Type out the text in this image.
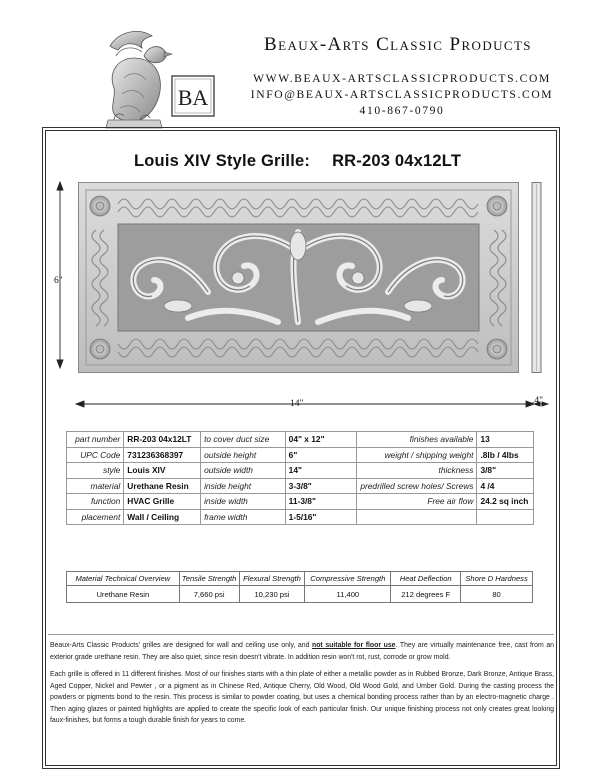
BA
Beaux-Arts Classic Products
WWW.BEAUX-ARTSCLASSICPRODUCTS.COM
INFO@BEAUX-ARTSCLASSICPRODUCTS.COM
410-867-0790
Louis XIV Style Grille: RR-203 04x12LT
6"
14"	.4"
part number	RR-203 04x12LT	to cover duct size	04" x 12"	finishes available	13
UPC Code	731236368397	outside height	6"	weight / shipping weight	.8lb / 4lbs
style	Louis XIV	outside width	14"	thickness	3/8"
material	Urethane Resin	inside height	3-3/8"	predrilled screw holes/ Screws	4 /4
function	HVAC Grille	inside width	11-3/8"	Free air flow	24.2 sq inch
placement	Wall / Ceiling	frame width	1-5/16"		
Material Technical Overview	Tensile Strength	Flexural Strength	Compressive Strength	Heat Deflection	Shore D Hardness
Urethane Resin	7,660 psi	10,230 psi	11,400	212 degrees F	80

Beaux-Arts Classic Products' grilles are designed for wall and ceiling use only, and not suitable for floor use. They are virtually maintenance free, cast from an exterior grade urethane resin. They are also quiet, since resin doesn't vibrate. In addition resin won't rot, rust, corrode or grow mold.

Each grille is offered in 11 different finishes. Most of our finishes starts with a thin plate of either a metallic powder as in Rubbed Bronze, Dark Bronze, Antique Brass, Aged Copper, Nickel and Pewter , or a pigment as in Chinese Red, Antique Cherry, Old Wood, Old Wood Gold, and Umber Gold. During the casting process the powders or pigments bond to the resin. This process is similar to powder coating, but uses a chemical bonding process rather than by an electro-magnetic charge . Then aging glazes or painted highlights are applied to create the specific look of each particular finish. Our unique finishing process not only creates great looking faux-finishes, but forms a tough durable finish for years to come.
